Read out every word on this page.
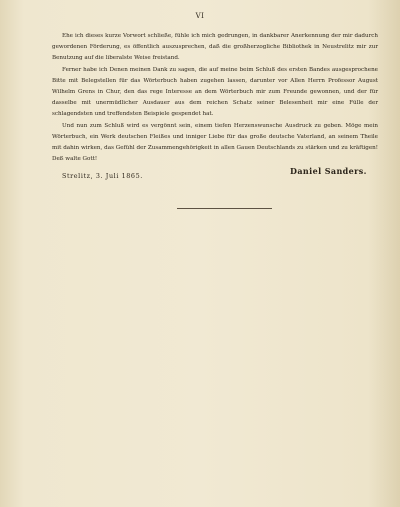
VI

Ehe ich dieses kurze Vorwort schließe, fühle ich mich gedrungen, in dankbarer Anerkennung der mir dadurch gewordenen Förderung, es öffentlich auszusprechen, daß die großherzogliche Bibliothek in Neustrelitz mir zur Benutzung auf die liberalste Weise freistand.

Ferner habe ich Denen meinen Dank zu sagen, die auf meine beim Schluß des ersten Bandes ausgesprochene Bitte mit Belegstellen für das Wörterbuch haben zugehen lassen, darunter vor Allen Herrn Professor August Wilhelm Grens in Chur, den das rege Interesse an dem Wörterbuch mir zum Freunde gewonnen, und der für dasselbe mit unermüdlicher Ausdauer aus dem reichen Schatz seiner Belesenheit mir eine Fülle der schlagendsten und treffendsten Beispiele gespendet hat.

Und nun zum Schluß wird es vergönnt sein, einem tiefen Herzenswunsche Ausdruck zu geben. Möge mein Wörterbuch, ein Werk deutschen Fleißes und inniger Liebe für das große deutsche Vaterland, an seinem Theile mit dahin wirken, das Gefühl der Zusammengehörigkeit in allen Gauen Deutschlands zu stärken und zu kräftigen! Deß walte Gott!

Strelitz, 3. Juli 1865.

Daniel Sanders.
